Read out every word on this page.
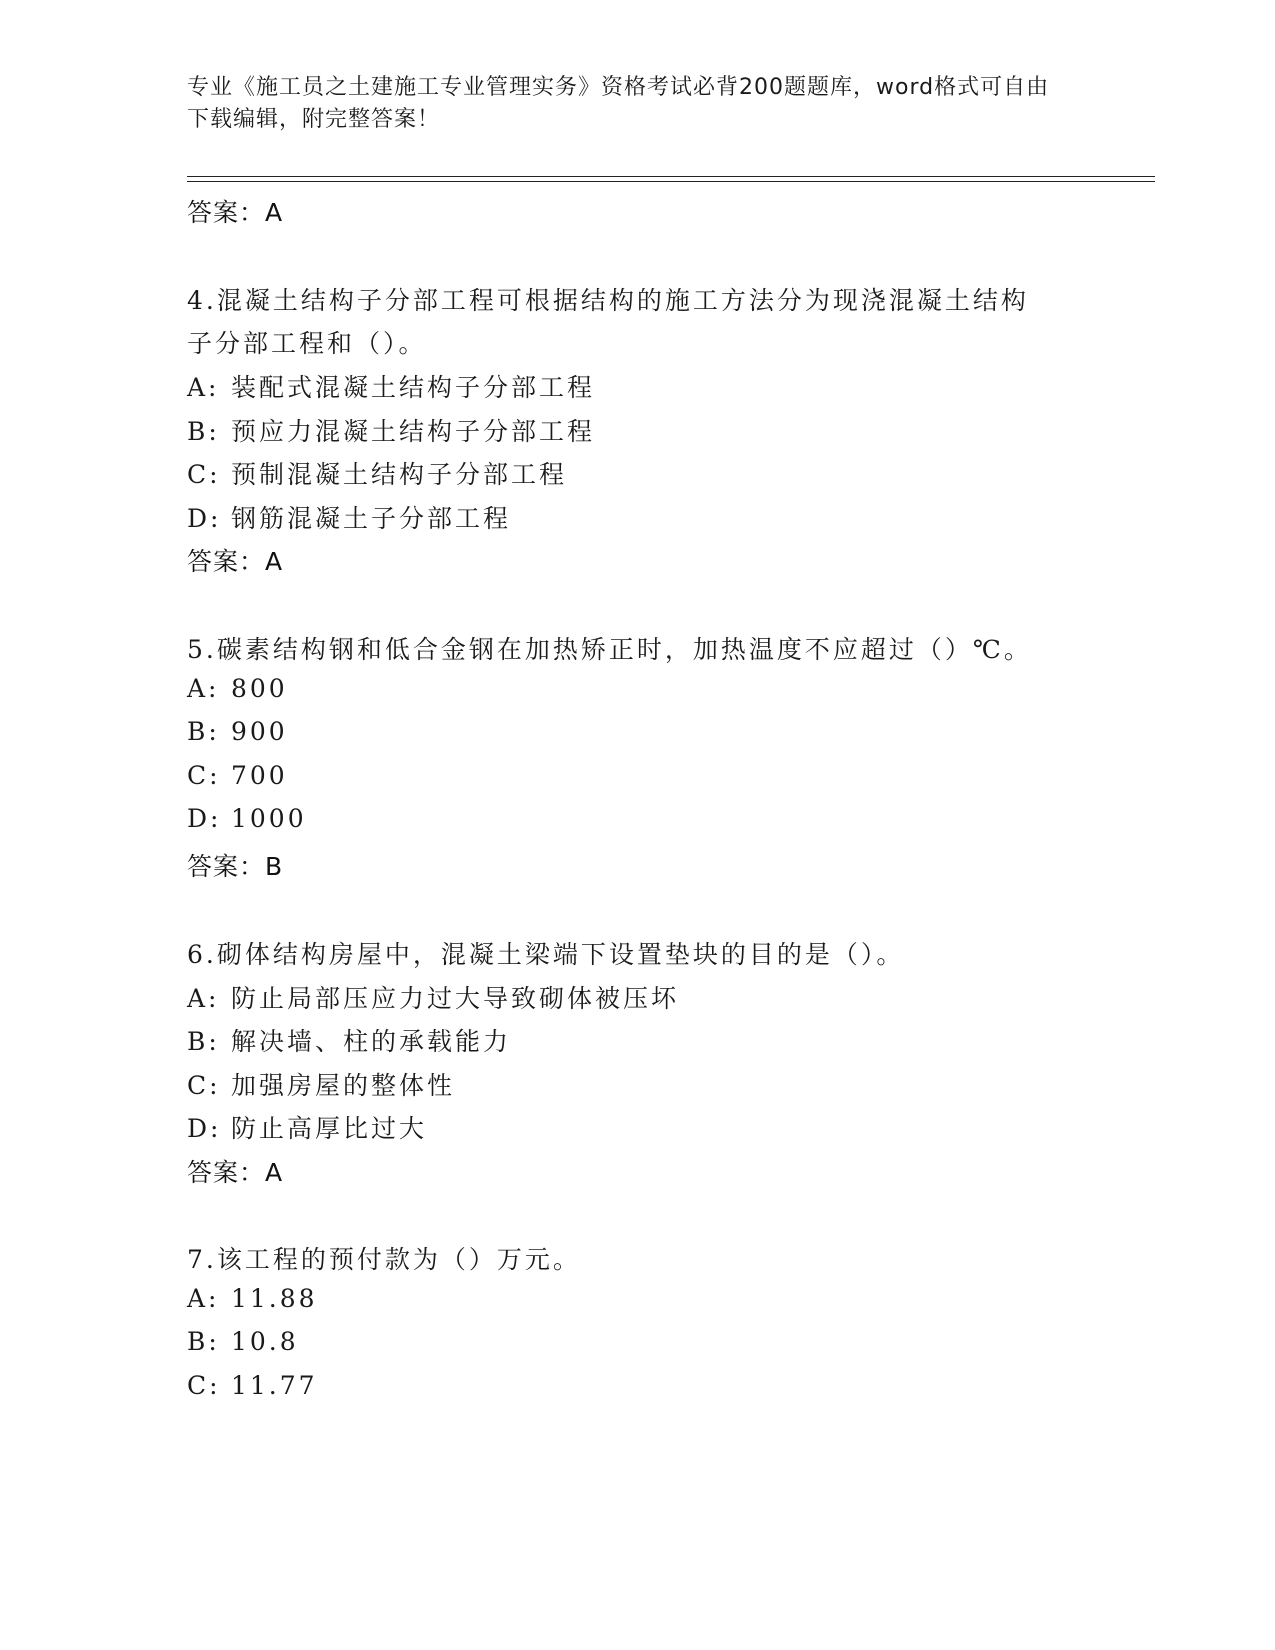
专业《施工员之土建施工专业管理实务》资格考试必背200题题库，word格式可自由下载编辑，附完整答案！
答案：A
4.混凝土结构子分部工程可根据结构的施工方法分为现浇混凝土结构
子分部工程和（）。
A: 装配式混凝土结构子分部工程
B: 预应力混凝土结构子分部工程
C: 预制混凝土结构子分部工程
D: 钢筋混凝土子分部工程
答案：A
5.碳素结构钢和低合金钢在加热矫正时，加热温度不应超过（）℃。
A: 800
B: 900
C: 700
D: 1000
答案：B
6.砌体结构房屋中，混凝土梁端下设置垫块的目的是（）。
A: 防止局部压应力过大导致砌体被压坏
B: 解决墙、柱的承载能力
C: 加强房屋的整体性
D: 防止高厚比过大
答案：A
7.该工程的预付款为（）万元。
A: 11.88
B: 10.8
C: 11.77
